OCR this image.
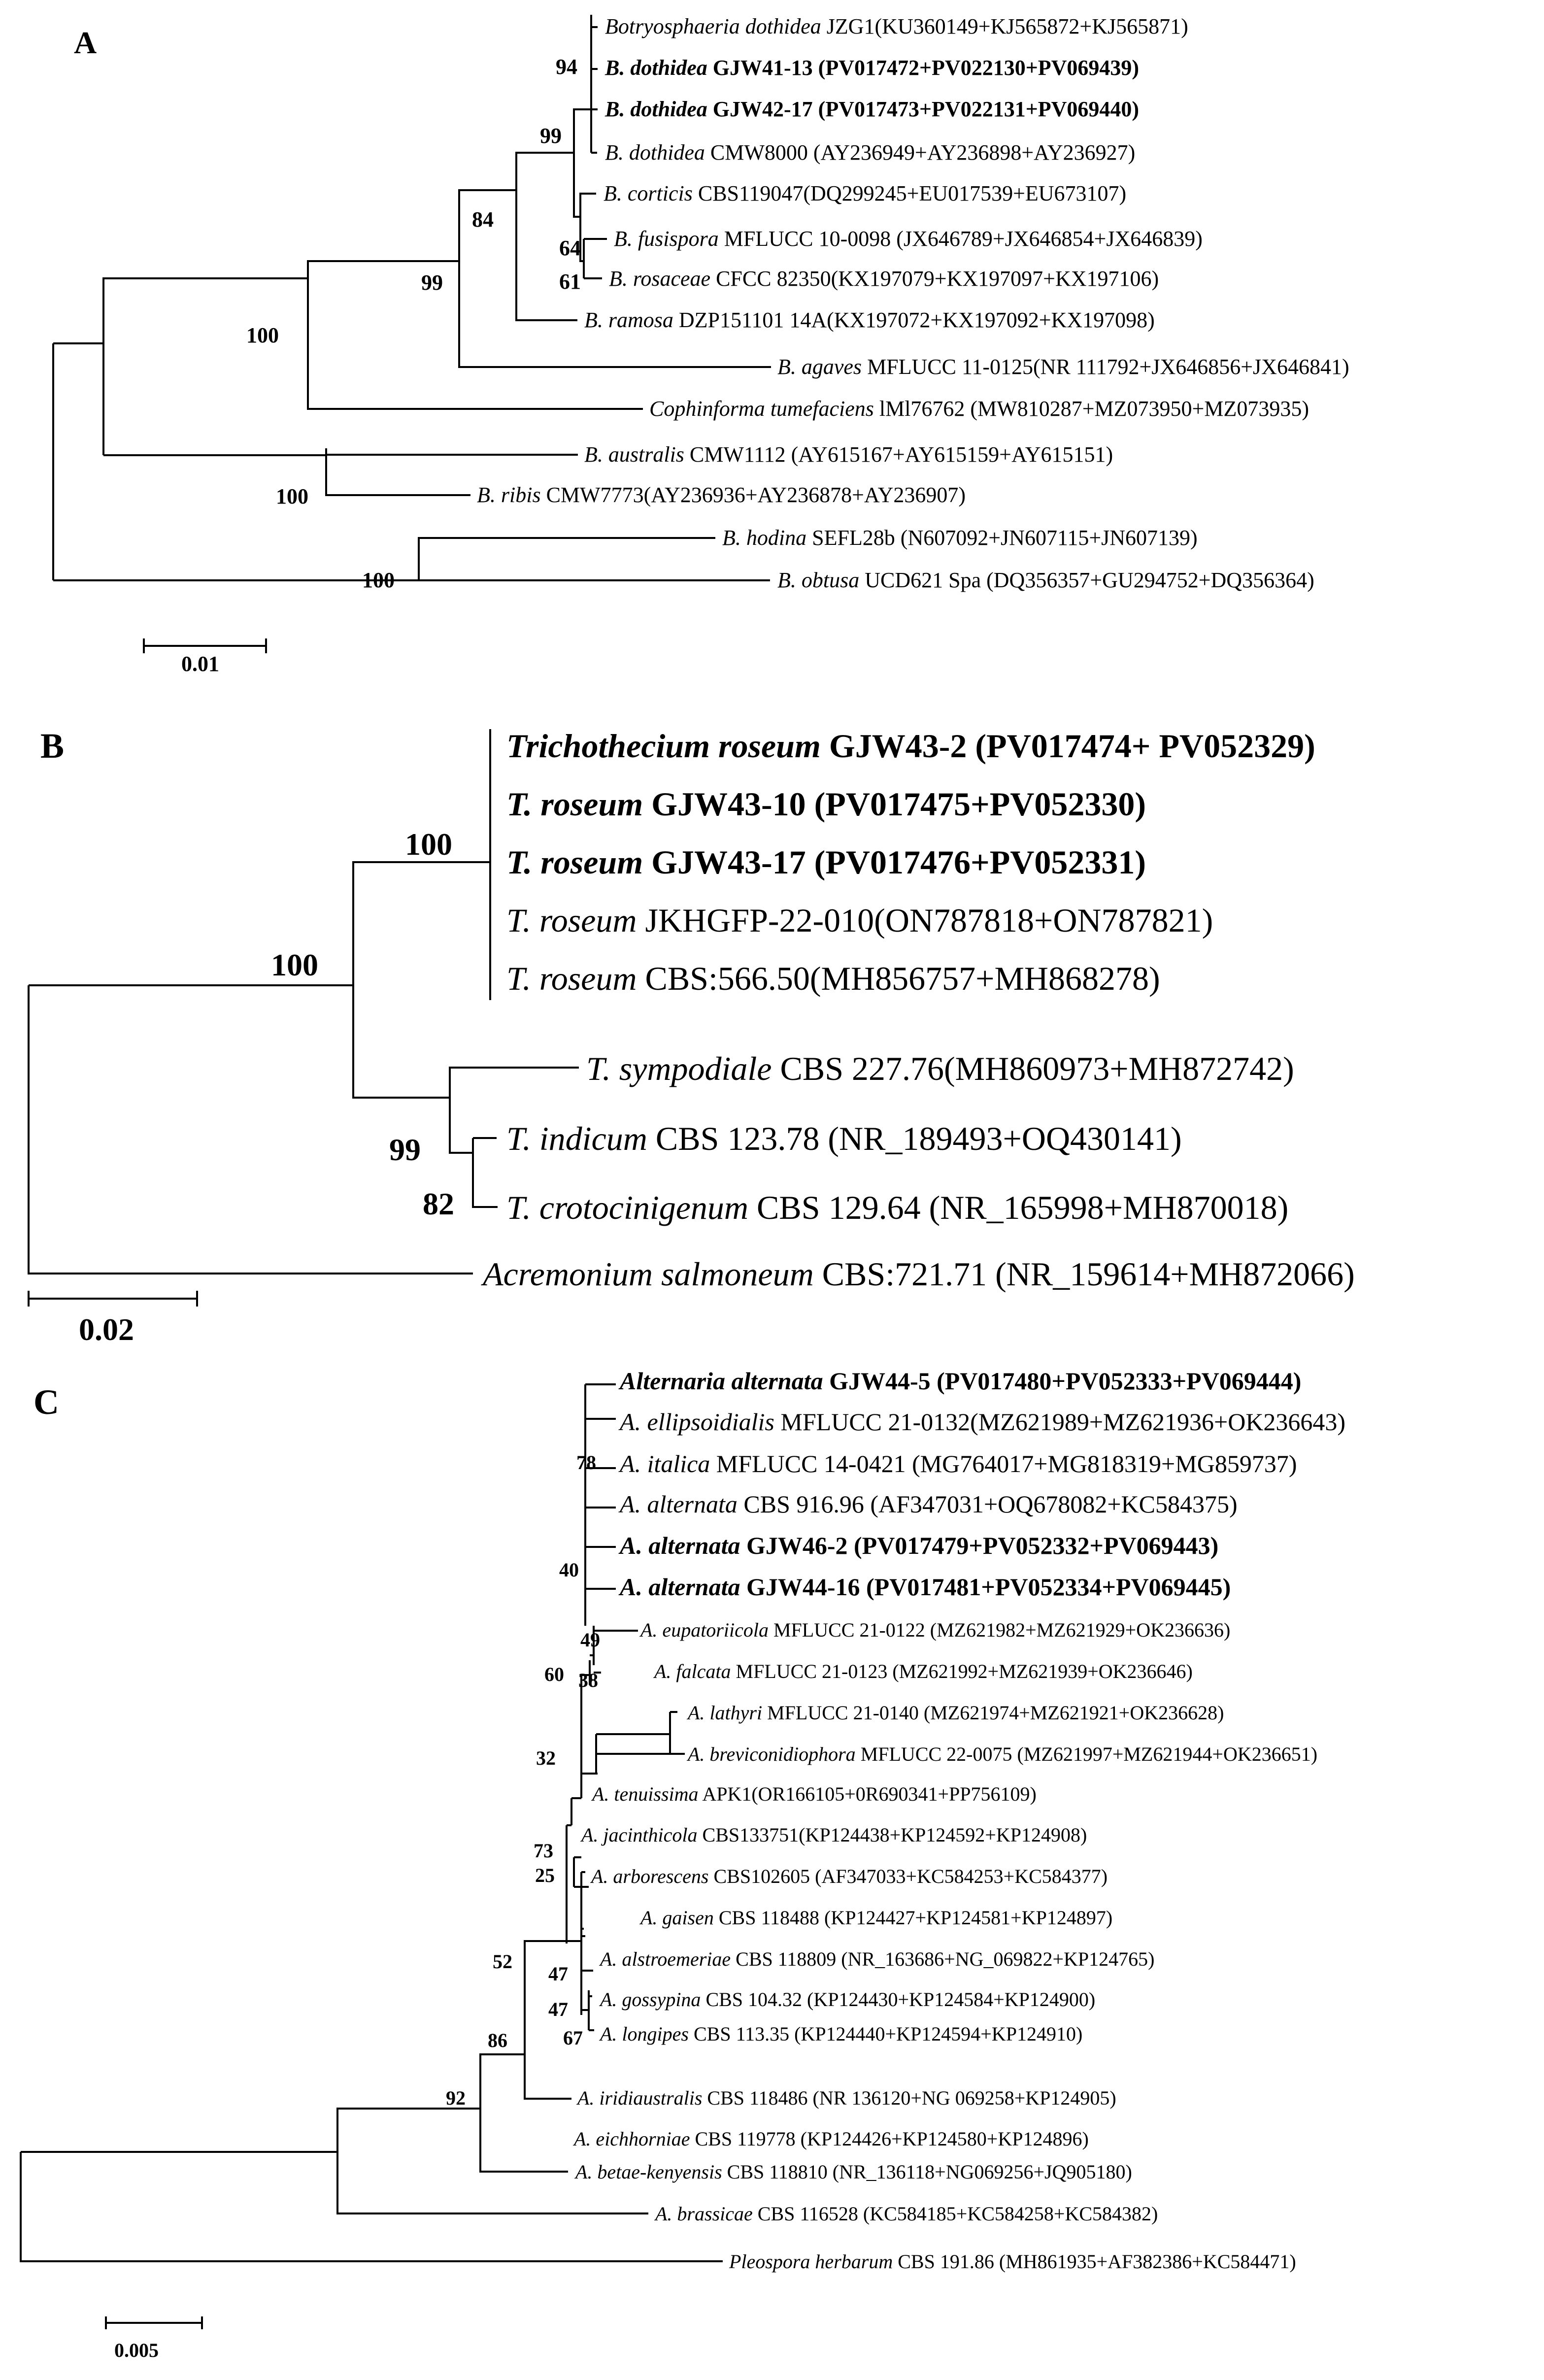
A
94
99
84
64
61
99
100
100
100
Botryosphaeria dothidea JZG1(KU360149+KJ565872+KJ565871)
B. dothidea GJW41-13 (PV017472+PV022130+PV069439)
B. dothidea GJW42-17 (PV017473+PV022131+PV069440)
B. dothidea CMW8000 (AY236949+AY236898+AY236927)
B. corticis CBS119047(DQ299245+EU017539+EU673107)
B. fusispora MFLUCC 10-0098 (JX646789+JX646854+JX646839)
B. rosaceae CFCC 82350(KX197079+KX197097+KX197106)
B. ramosa DZP151101 14A(KX197072+KX197092+KX197098)
B. agaves MFLUCC 11-0125(NR 111792+JX646856+JX646841)
Cophinforma tumefaciens lMl76762 (MW810287+MZ073950+MZ073935)
B. australis CMW1112 (AY615167+AY615159+AY615151)
B. ribis CMW7773(AY236936+AY236878+AY236907)
B. hodina SEFL28b (N607092+JN607115+JN607139)
B. obtusa UCD621 Spa (DQ356357+GU294752+DQ356364)
0.01
B
100
100
99
82
Trichothecium roseum GJW43-2 (PV017474+ PV052329)
T. roseum GJW43-10 (PV017475+PV052330)
T. roseum GJW43-17 (PV017476+PV052331)
T. roseum JKHGFP-22-010(ON787818+ON787821)
T. roseum CBS:566.50(MH856757+MH868278)
T. sympodiale CBS 227.76(MH860973+MH872742)
T. indicum CBS 123.78 (NR_189493+OQ430141)
T. crotocinigenum CBS 129.64 (NR_165998+MH870018)
Acremonium salmoneum CBS:721.71 (NR_159614+MH872066)
0.02
C
78
40
49
38
60
32
73
25
47
47
67
52
86
92
Alternaria alternata GJW44-5 (PV017480+PV052333+PV069444)
A. ellipsoidialis MFLUCC 21-0132(MZ621989+MZ621936+OK236643)
A. italica MFLUCC 14-0421 (MG764017+MG818319+MG859737)
A. alternata CBS 916.96 (AF347031+OQ678082+KC584375)
A. alternata GJW46-2 (PV017479+PV052332+PV069443)
A. alternata GJW44-16 (PV017481+PV052334+PV069445)
A. eupatoriicola MFLUCC 21-0122 (MZ621982+MZ621929+OK236636)
A. falcata MFLUCC 21-0123 (MZ621992+MZ621939+OK236646)
A. lathyri MFLUCC 21-0140 (MZ621974+MZ621921+OK236628)
A. breviconidiophora MFLUCC 22-0075 (MZ621997+MZ621944+OK236651)
A. tenuissima APK1(OR166105+0R690341+PP756109)
A. jacinthicola CBS133751(KP124438+KP124592+KP124908)
A. arborescens CBS102605 (AF347033+KC584253+KC584377)
A. gaisen CBS 118488 (KP124427+KP124581+KP124897)
A. alstroemeriae CBS 118809 (NR_163686+NG_069822+KP124765)
A. gossypina CBS 104.32 (KP124430+KP124584+KP124900)
A. longipes CBS 113.35 (KP124440+KP124594+KP124910)
A. iridiaustralis CBS 118486 (NR 136120+NG 069258+KP124905)
A. eichhorniae CBS 119778 (KP124426+KP124580+KP124896)
A. betae-kenyensis CBS 118810 (NR_136118+NG069256+JQ905180)
A. brassicae CBS 116528 (KC584185+KC584258+KC584382)
Pleospora herbarum CBS 191.86 (MH861935+AF382386+KC584471)
0.005
